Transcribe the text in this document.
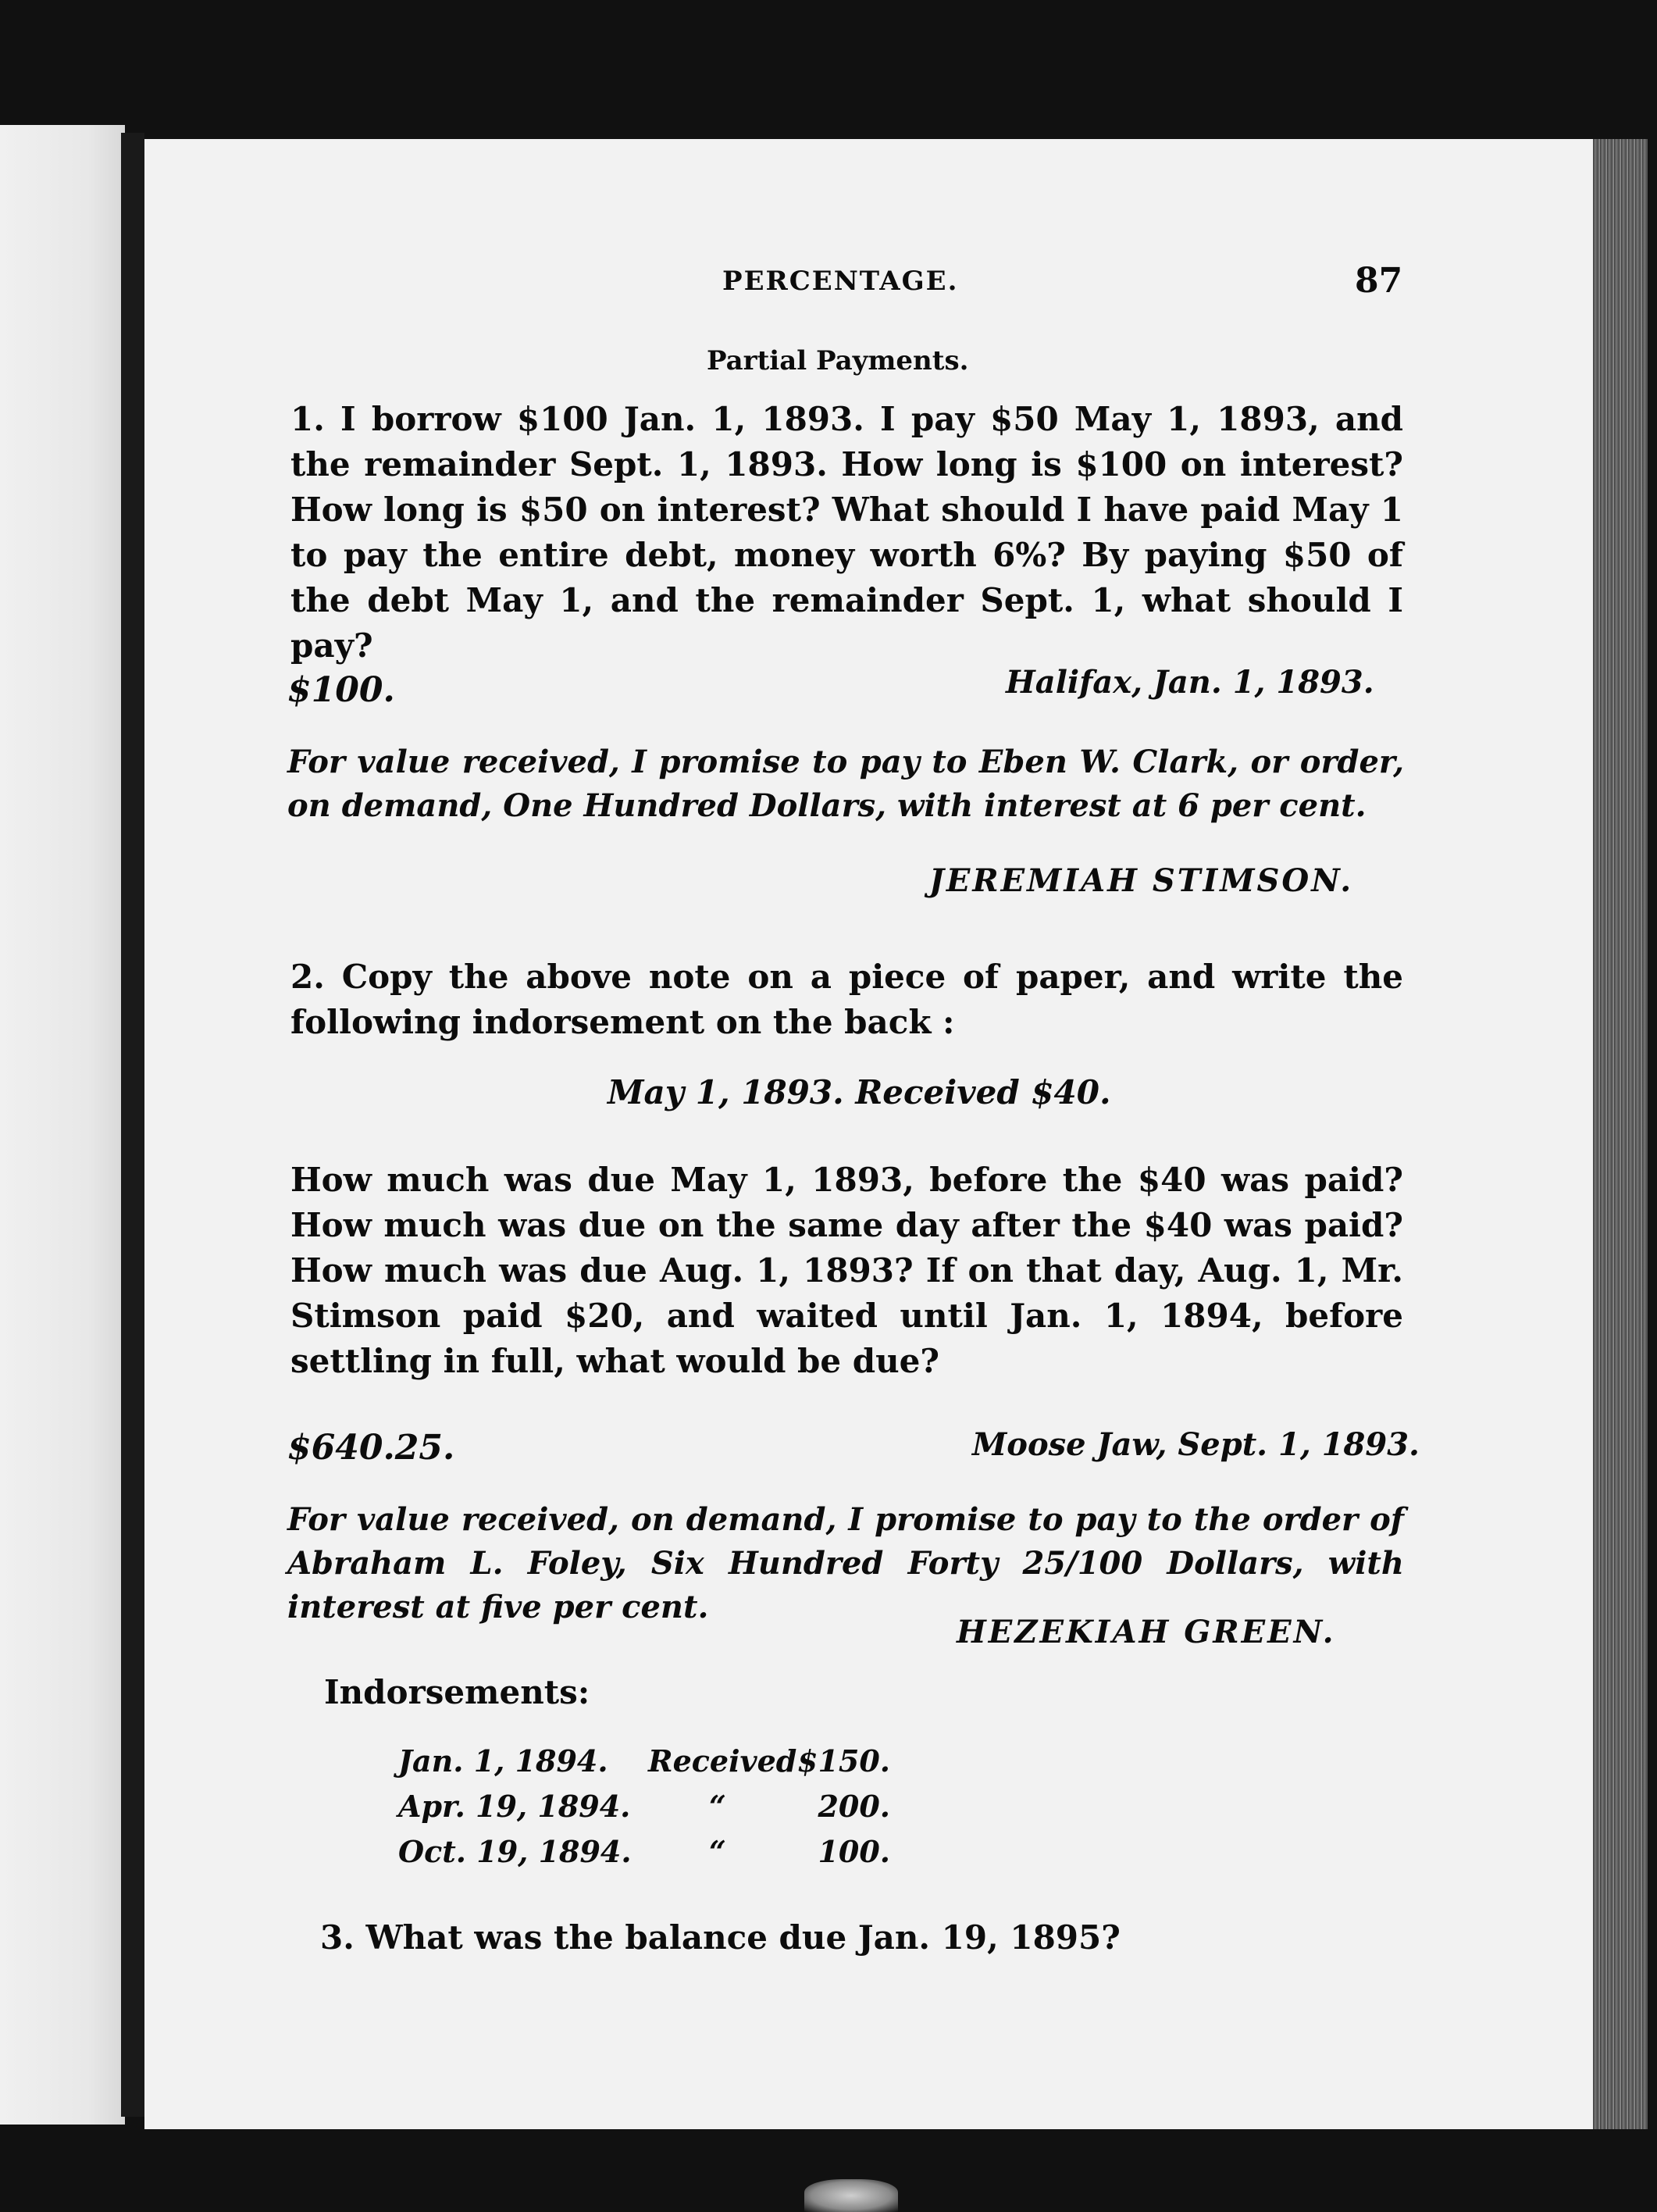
PERCENTAGE.	87
Partial Payments.
1. I borrow $100 Jan. 1, 1893. I pay $50 May 1, 1893, and the remainder Sept. 1, 1893. How long is $100 on interest? How long is $50 on interest? What should I have paid May 1 to pay the entire debt, money worth 6%? By paying $50 of the debt May 1, and the remainder Sept. 1, what should I pay?
$100.	Halifax, Jan. 1, 1893.
For value received, I promise to pay to Eben W. Clark, or order, on demand, One Hundred Dollars, with interest at 6 per cent.
JEREMIAH STIMSON.
2. Copy the above note on a piece of paper, and write the following indorsement on the back :
May 1, 1893. Received $40.
How much was due May 1, 1893, before the $40 was paid? How much was due on the same day after the $40 was paid? How much was due Aug. 1, 1893? If on that day, Aug. 1, Mr. Stimson paid $20, and waited until Jan. 1, 1894, before settling in full, what would be due?
$640.25.	Moose Jaw, Sept. 1, 1893.
For value received, on demand, I promise to pay to the order of Abraham L. Foley, Six Hundred Forty 25/100 Dollars, with interest at five per cent.
HEZEKIAH GREEN.
Indorsements:
Jan. 1, 1894. Received $150.
Apr. 19, 1894.	“	200.
Oct. 19, 1894.	“	100.
3. What was the balance due Jan. 19, 1895?
